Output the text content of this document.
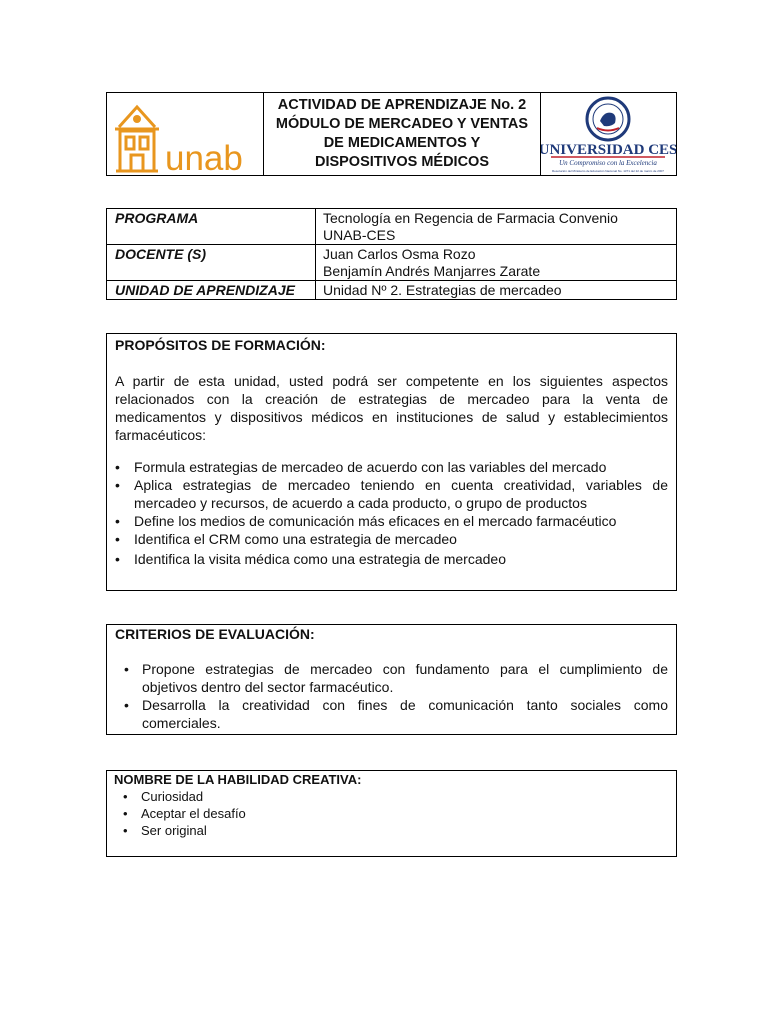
unab
ACTIVIDAD DE APRENDIZAJE No. 2
MÓDULO DE MERCADEO Y VENTAS
DE MEDICAMENTOS Y
DISPOSITIVOS MÉDICOS
UNIVERSIDAD CES
Un Compromiso con la Excelencia
Resolución del Ministerio de Educación Nacional No. 1371 del 22 de marzo de 2007
PROGRAMA	Tecnología en Regencia de Farmacia Convenio
UNAB-CES
DOCENTE (S)	Juan Carlos Osma Rozo
Benjamín Andrés Manjarres Zarate
UNIDAD DE APRENDIZAJE	Unidad Nº 2. Estrategias de mercadeo
PROPÓSITOS DE FORMACIÓN:
A partir de esta unidad, usted podrá ser competente en los siguientes aspectos relacionados con la creación de estrategias de mercadeo para la venta de medicamentos y dispositivos médicos en instituciones de salud y establecimientos farmacéuticos:
• Formula estrategias de mercadeo de acuerdo con las variables del mercado
• Aplica estrategias de mercadeo teniendo en cuenta creatividad, variables de mercadeo y recursos, de acuerdo a cada producto, o grupo de productos
• Define los medios de comunicación más eficaces en el mercado farmacéutico
• Identifica el CRM como una estrategia de mercadeo
• Identifica la visita médica como una estrategia de mercadeo
CRITERIOS DE EVALUACIÓN:
• Propone estrategias de mercadeo con fundamento para el cumplimiento de objetivos dentro del sector farmacéutico.
• Desarrolla la creatividad con fines de comunicación tanto sociales como comerciales.
NOMBRE DE LA HABILIDAD CREATIVA:
• Curiosidad
• Aceptar el desafío
• Ser original
